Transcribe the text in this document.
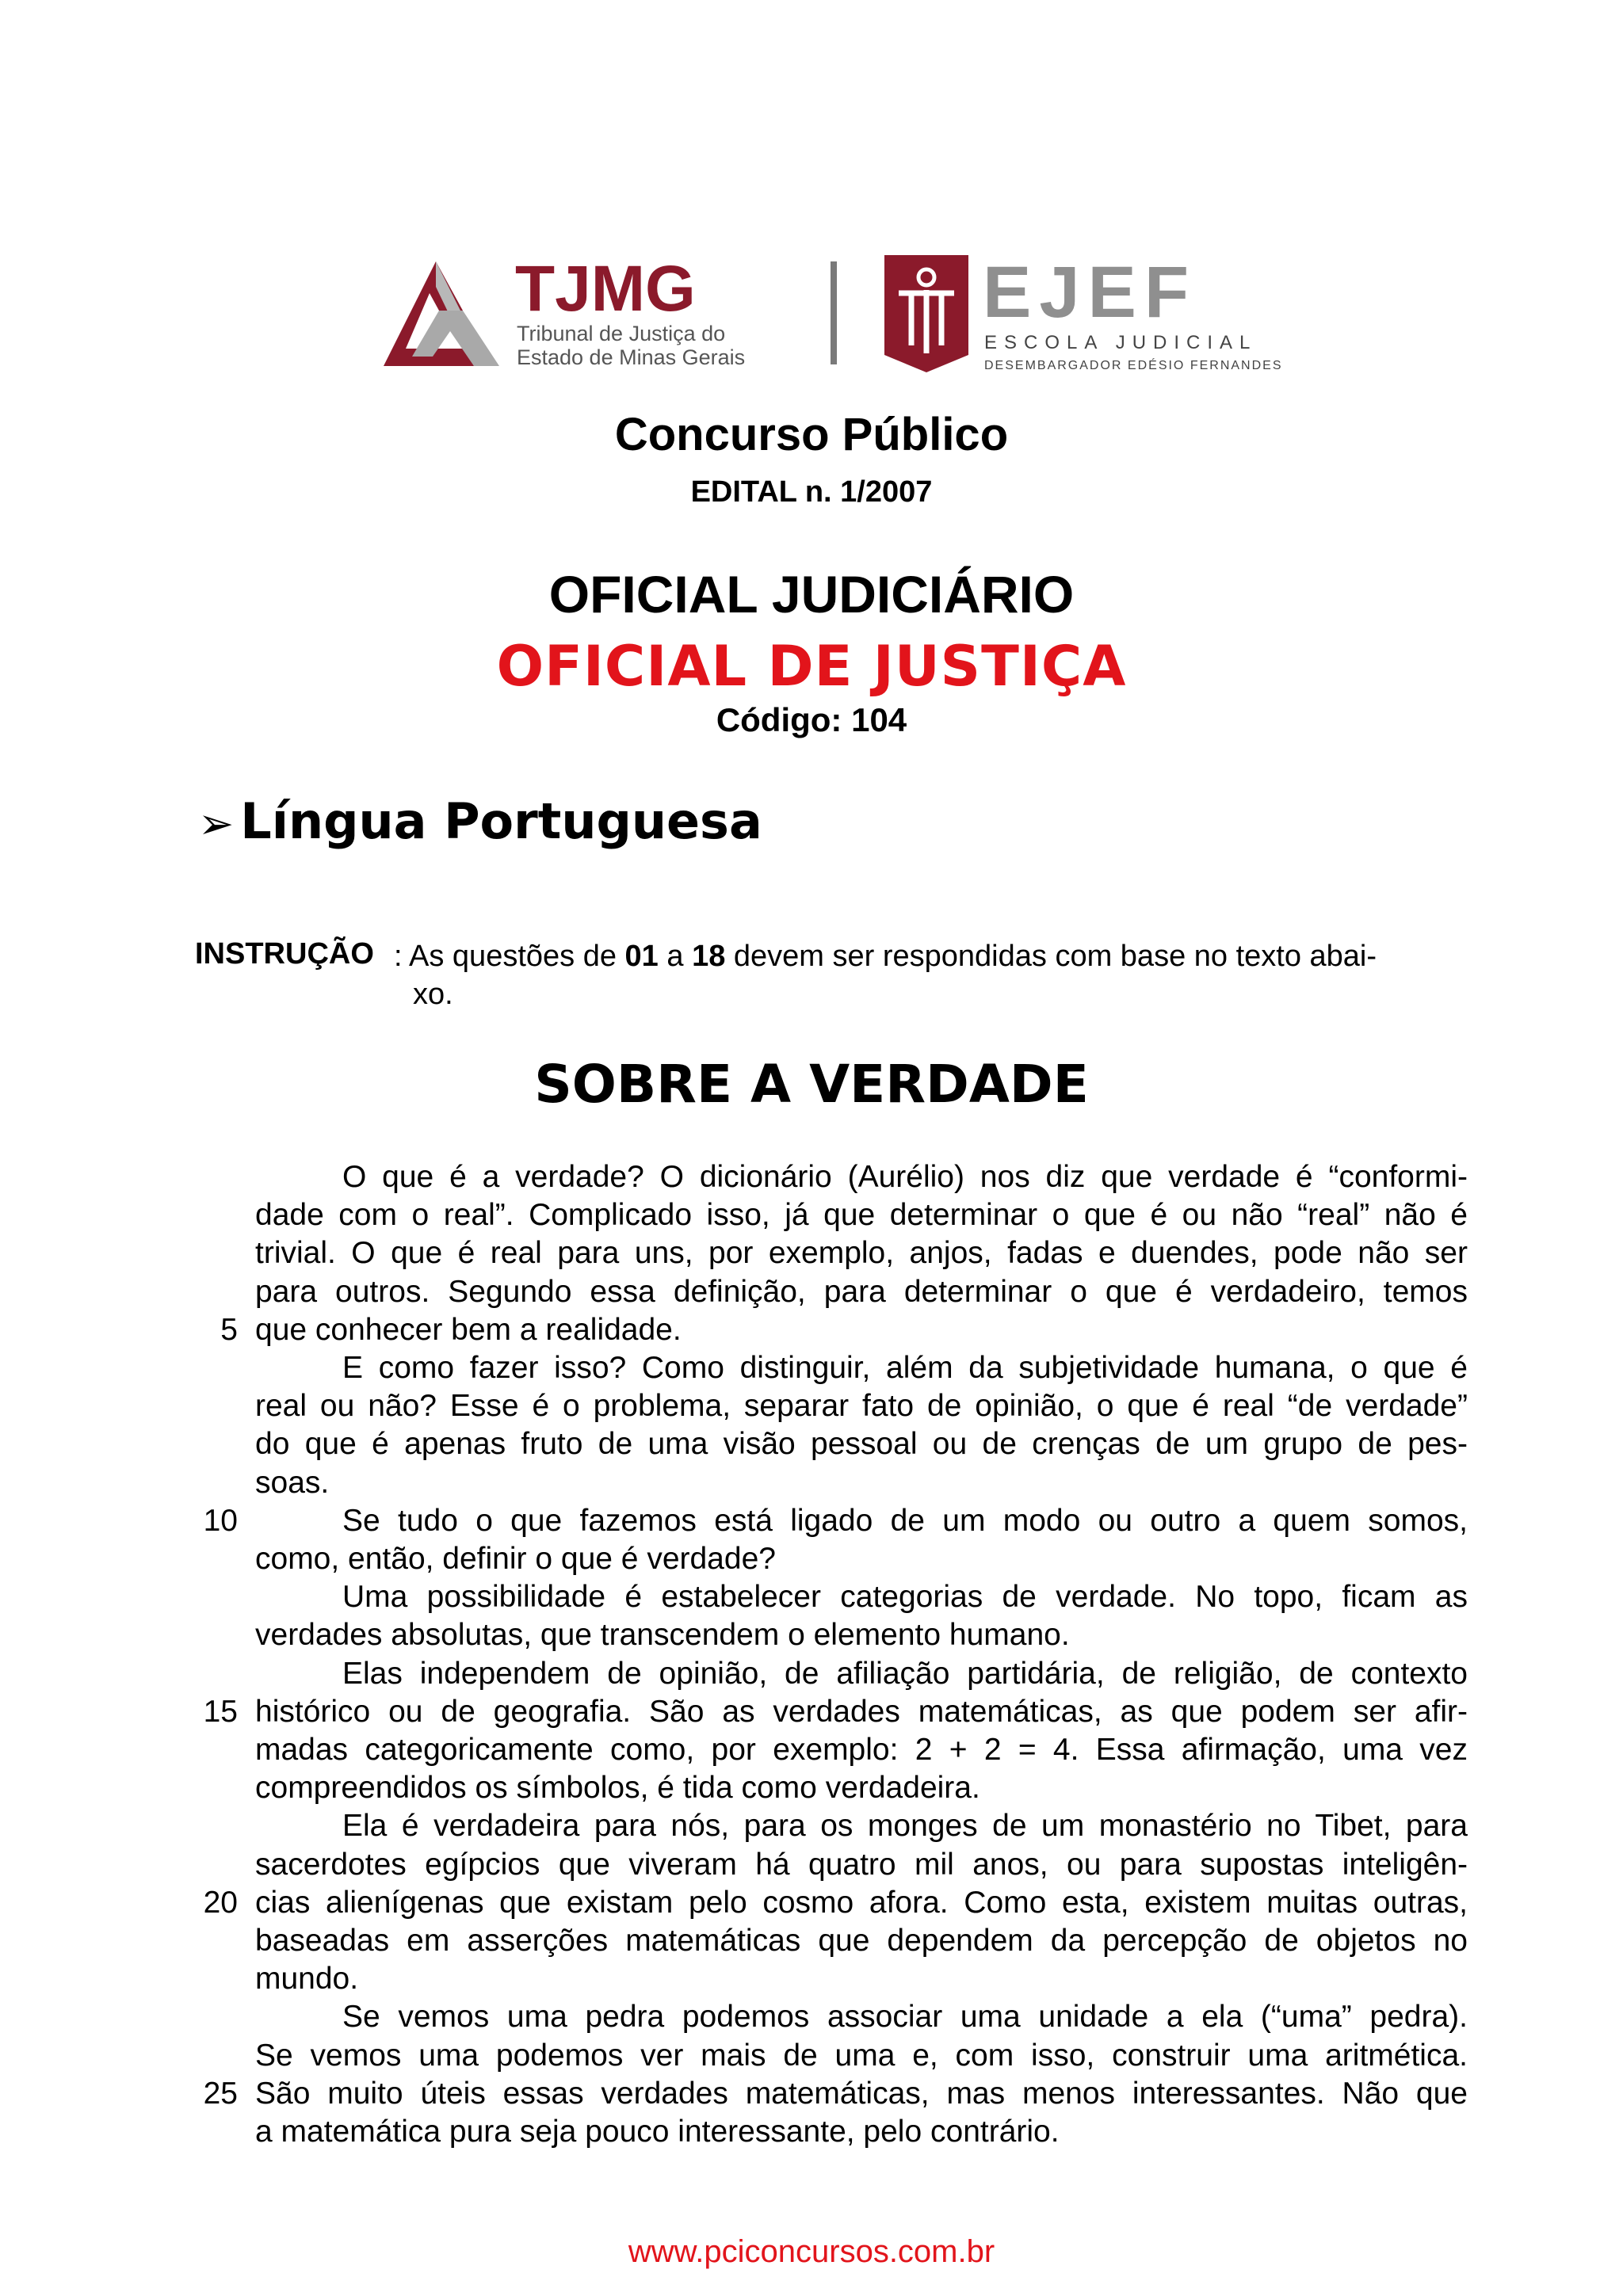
TJMG
Tribunal de Justiça do
Estado de Minas Gerais
EJEF
ESCOLA JUDICIAL
DESEMBARGADOR EDÉSIO FERNANDES
Concurso Público
EDITAL n. 1/2007
OFICIAL JUDICIÁRIO
OFICIAL DE JUSTIÇA
Código: 104
➢ Língua Portuguesa
INSTRUÇÃO : As questões de 01 a 18 devem ser respondidas com base no texto abai-
xo.
SOBRE A VERDADE
O que é a verdade? O dicionário (Aurélio) nos diz que verdade é “conformi-
dade com o real”. Complicado isso, já que determinar o que é ou não “real” não é
trivial. O que é real para uns, por exemplo, anjos, fadas e duendes, pode não ser
para outros. Segundo essa definição, para determinar o que é verdadeiro, temos
que conhecer bem a realidade.
E como fazer isso? Como distinguir, além da subjetividade humana, o que é
real ou não? Esse é o problema, separar fato de opinião, o que é real “de verdade”
do que é apenas fruto de uma visão pessoal ou de crenças de um grupo de pes-
soas.
Se tudo o que fazemos está ligado de um modo ou outro a quem somos,
como, então, definir o que é verdade?
Uma possibilidade é estabelecer categorias de verdade. No topo, ficam as
verdades absolutas, que transcendem o elemento humano.
Elas independem de opinião, de afiliação partidária, de religião, de contexto
histórico ou de geografia. São as verdades matemáticas, as que podem ser afir-
madas categoricamente como, por exemplo: 2 + 2 = 4. Essa afirmação, uma vez
compreendidos os símbolos, é tida como verdadeira.
Ela é verdadeira para nós, para os monges de um monastério no Tibet, para
sacerdotes egípcios que viveram há quatro mil anos, ou para supostas inteligên-
cias alienígenas que existam pelo cosmo afora. Como esta, existem muitas outras,
baseadas em asserções matemáticas que dependem da percepção de objetos no
mundo.
Se vemos uma pedra podemos associar uma unidade a ela (“uma” pedra).
Se vemos uma podemos ver mais de uma e, com isso, construir uma aritmética.
São muito úteis essas verdades matemáticas, mas menos interessantes. Não que
a matemática pura seja pouco interessante, pelo contrário.
5
10
15
20
25
www.pciconcursos.com.br
